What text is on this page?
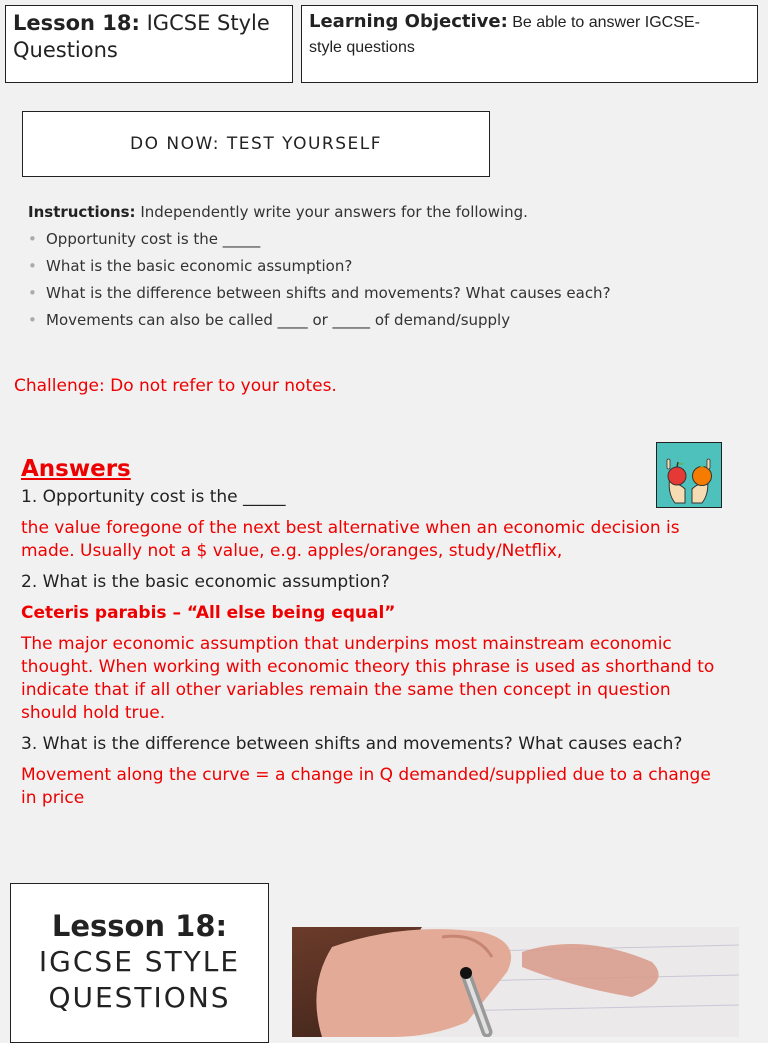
Lesson 18: IGCSE Style
Questions
Learning Objective: Be able to answer IGCSE-
style questions
DO NOW: TEST YOURSELF
Instructions: Independently write your answers for the following.
• Opportunity cost is the _____
• What is the basic economic assumption?
• What is the difference between shifts and movements? What causes each?
• Movements can also be called ____ or _____ of demand/supply
Challenge: Do not refer to your notes.
Answers
1. Opportunity cost is the _____
the value foregone of the next best alternative when an economic decision is made. Usually not a $ value, e.g. apples/oranges, study/Netflix,
2. What is the basic economic assumption?
Ceteris parabis – “All else being equal”
The major economic assumption that underpins most mainstream economic thought. When working with economic theory this phrase is used as shorthand to indicate that if all other variables remain the same then concept in question should hold true.
3. What is the difference between shifts and movements? What causes each?
Movement along the curve = a change in Q demanded/supplied due to a change in price
Lesson 18:
IGCSE STYLE
QUESTIONS
